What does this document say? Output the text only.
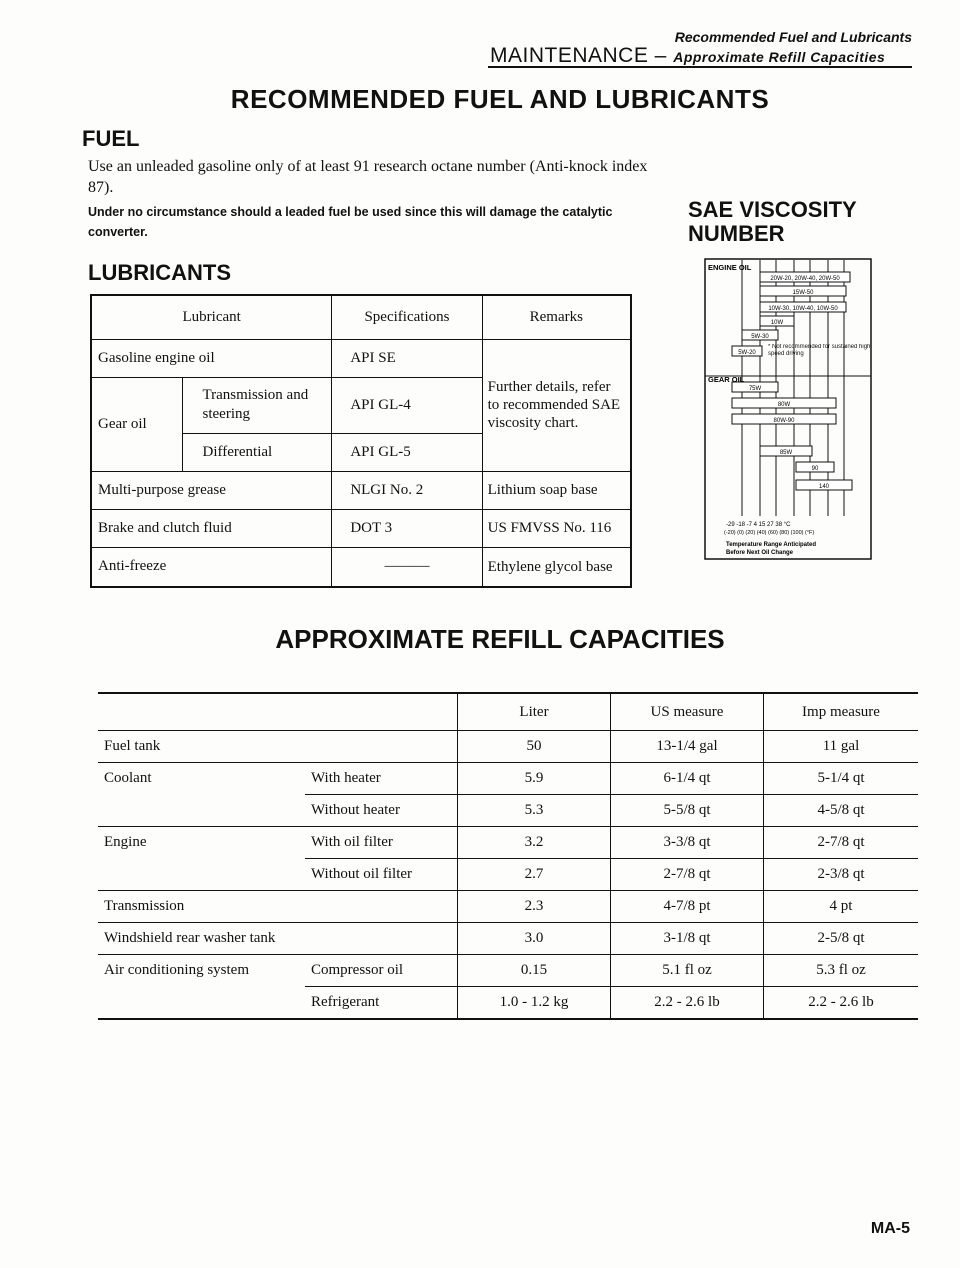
Recommended Fuel and Lubricants
MAINTENANCE – Approximate Refill Capacities
RECOMMENDED FUEL AND LUBRICANTS
FUEL
Use an unleaded gasoline only of at least 91 research octane number (Anti-knock index 87).
Under no circumstance should a leaded fuel be used since this will damage the catalytic converter.
LUBRICANTS
Lubricant		Specifications	Remarks
Gasoline engine oil		API SE	Further details, refer to recommended SAE viscosity chart.
Gear oil	Transmission and steering	API GL-4	
	Differential	API GL-5	
Multi-purpose grease		NLGI No. 2	Lithium soap base
Brake and clutch fluid		DOT 3	US FMVSS No. 116
Anti-freeze		———	Ethylene glycol base
SAE VISCOSITY NUMBER
ENGINE OIL
20W-20, 20W-40, 20W-50
15W-50
10W-30, 10W-40, 10W-50
10W
5W-30
5W-20
75W
80W
80W-90
85W
90
140
* Not recommended for sustained high speed driving
GEAR OIL
-29 -18 -7 4 15 27 38 °C
(-20) (0) (20) (40) (60) (80) (100) (°F)
Temperature Range Anticipated
Before Next Oil Change
APPROXIMATE REFILL CAPACITIES
		Liter	US measure	Imp measure
Fuel tank		50	13-1/4 gal	11 gal
Coolant	With heater	5.9	6-1/4 qt	5-1/4 qt
	Without heater	5.3	5-5/8 qt	4-5/8 qt
Engine	With oil filter	3.2	3-3/8 qt	2-7/8 qt
	Without oil filter	2.7	2-7/8 qt	2-3/8 qt
Transmission		2.3	4-7/8 pt	4 pt
Windshield rear washer tank		3.0	3-1/8 qt	2-5/8 qt
Air conditioning system	Compressor oil	0.15	5.1 fl oz	5.3 fl oz
	Refrigerant	1.0 - 1.2 kg	2.2 - 2.6 lb	2.2 - 2.6 lb
MA-5
